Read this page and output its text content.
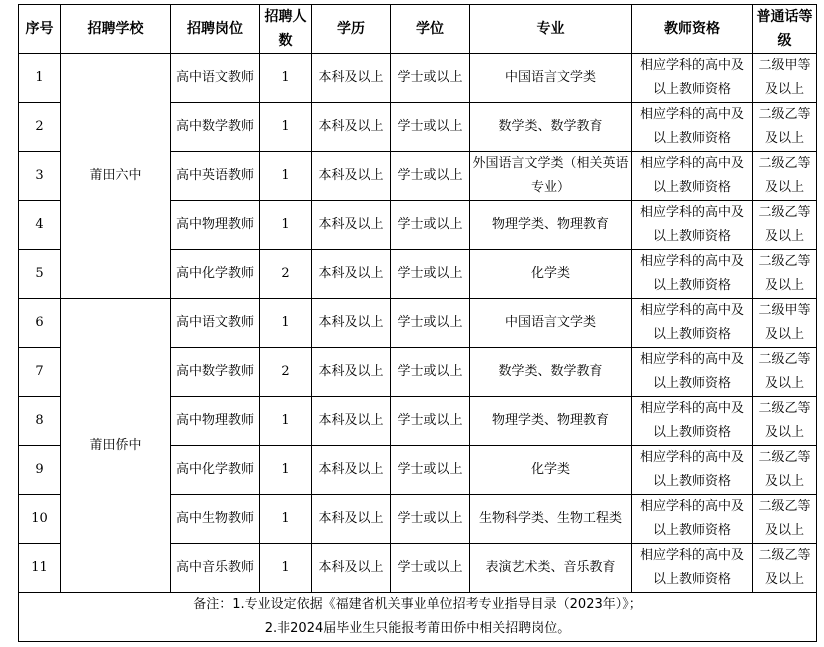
序号	招聘学校	招聘岗位	招聘人数	学历	学位	专业	教师资格	普通话等级
1	莆田六中	高中语文教师	1	本科及以上	学士或以上	中国语言文学类	相应学科的高中及以上教师资格	二级甲等及以上
2		高中数学教师	1	本科及以上	学士或以上	数学类、数学教育	相应学科的高中及以上教师资格	二级乙等及以上
3		高中英语教师	1	本科及以上	学士或以上	外国语言文学类（相关英语专业）	相应学科的高中及以上教师资格	二级乙等及以上
4		高中物理教师	1	本科及以上	学士或以上	物理学类、物理教育	相应学科的高中及以上教师资格	二级乙等及以上
5		高中化学教师	2	本科及以上	学士或以上	化学类	相应学科的高中及以上教师资格	二级乙等及以上
6	莆田侨中	高中语文教师	1	本科及以上	学士或以上	中国语言文学类	相应学科的高中及以上教师资格	二级甲等及以上
7		高中数学教师	2	本科及以上	学士或以上	数学类、数学教育	相应学科的高中及以上教师资格	二级乙等及以上
8		高中物理教师	1	本科及以上	学士或以上	物理学类、物理教育	相应学科的高中及以上教师资格	二级乙等及以上
9		高中化学教师	1	本科及以上	学士或以上	化学类	相应学科的高中及以上教师资格	二级乙等及以上
10		高中生物教师	1	本科及以上	学士或以上	生物科学类、生物工程类	相应学科的高中及以上教师资格	二级乙等及以上
11		高中音乐教师	1	本科及以上	学士或以上	表演艺术类、音乐教育	相应学科的高中及以上教师资格	二级乙等及以上

备注：1.专业设定依据《福建省机关事业单位招考专业指导目录（2023年）》；
2.非2024届毕业生只能报考莆田侨中相关招聘岗位。								
